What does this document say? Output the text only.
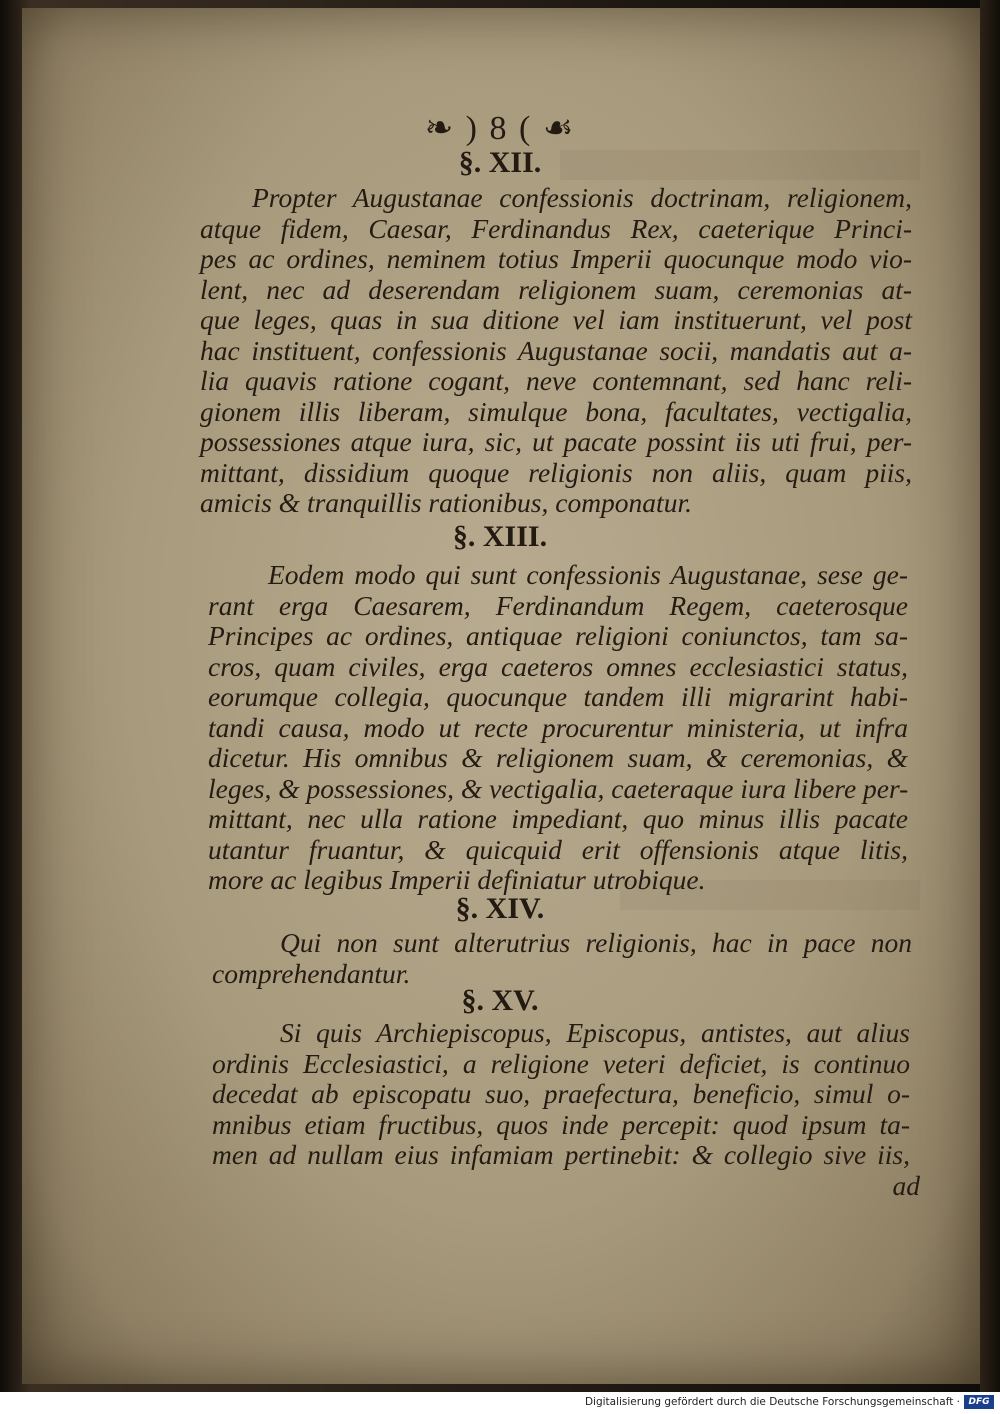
❧ ) 8 ( ☙
§. XII.
Propter Augustanae confessionis doctrinam, religionem,
atque fidem, Caesar, Ferdinandus Rex, caeterique Princi-
pes ac ordines, neminem totius Imperii quocunque modo vio-
lent, nec ad deserendam religionem suam, ceremonias at-
que leges, quas in sua ditione vel iam instituerunt, vel post
hac instituent, confessionis Augustanae socii, mandatis aut a-
lia quavis ratione cogant, neve contemnant, sed hanc reli-
gionem illis liberam, simulque bona, facultates, vectigalia,
possessiones atque iura, sic, ut pacate possint iis uti frui, per-
mittant, dissidium quoque religionis non aliis, quam piis,
amicis & tranquillis rationibus, componatur.
§. XIII.
Eodem modo qui sunt confessionis Augustanae, sese ge-
rant erga Caesarem, Ferdinandum Regem, caeterosque
Principes ac ordines, antiquae religioni coniunctos, tam sa-
cros, quam civiles, erga caeteros omnes ecclesiastici status,
eorumque collegia, quocunque tandem illi migrarint habi-
tandi causa, modo ut recte procurentur ministeria, ut infra
dicetur. His omnibus & religionem suam, & ceremonias, &
leges, & possessiones, & vectigalia, caeteraque iura libere per-
mittant, nec ulla ratione impediant, quo minus illis pacate
utantur fruantur, & quicquid erit offensionis atque litis,
more ac legibus Imperii definiatur utrobique.
§. XIV.
Qui non sunt alterutrius religionis, hac in pace non
comprehendantur.
§. XV.
Si quis Archiepiscopus, Episcopus, antistes, aut alius
ordinis Ecclesiastici, a religione veteri deficiet, is continuo
decedat ab episcopatu suo, praefectura, beneficio, simul o-
mnibus etiam fructibus, quos inde percepit: quod ipsum ta-
men ad nullam eius infamiam pertinebit: & collegio sive iis,
ad
Digitalisierung gefördert durch die Deutsche Forschungsgemeinschaft · DFG
